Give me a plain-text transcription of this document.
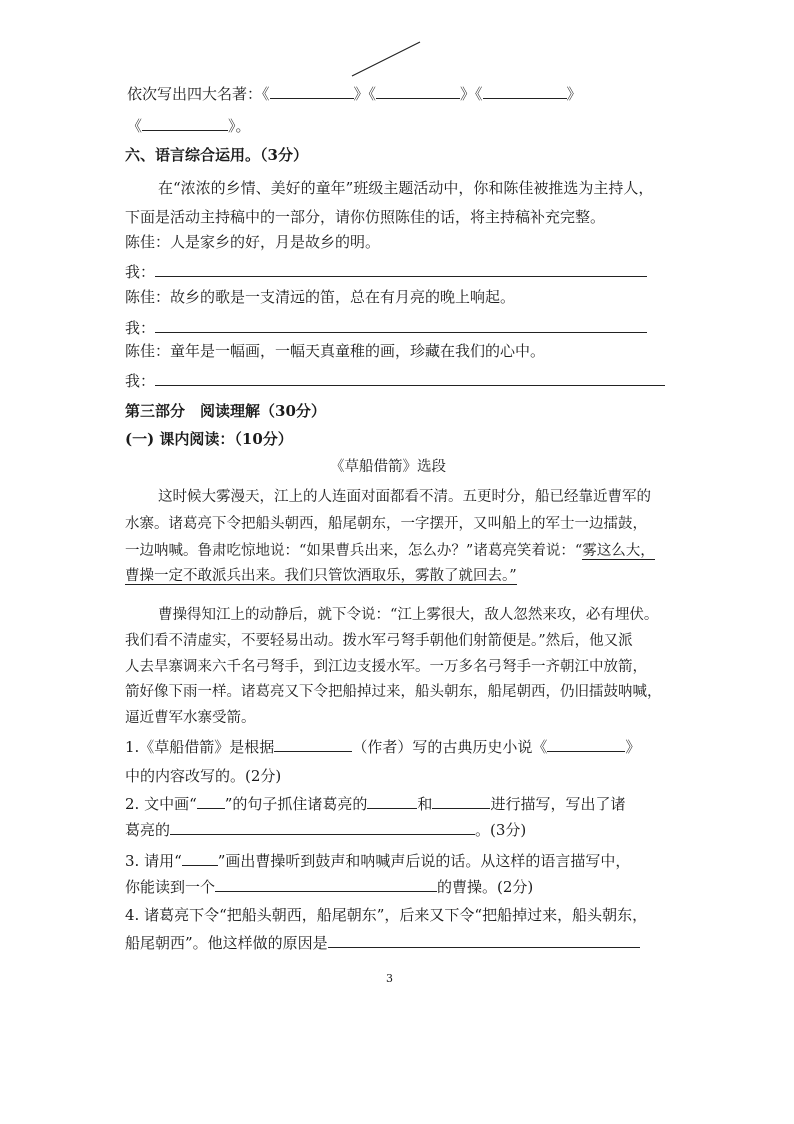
依次写出四大名著：《	》《	》《	》
《	》。
六、语言综合运用。（3分）
在“浓浓的乡情、美好的童年”班级主题活动中，你和陈佳被推选为主持人，
下面是活动主持稿中的一部分，请你仿照陈佳的话，将主持稿补充完整。
陈佳：人是家乡的好，月是故乡的明。
我：
陈佳：故乡的歌是一支清远的笛，总在有月亮的晚上响起。
我：
陈佳：童年是一幅画，一幅天真童稚的画，珍藏在我们的心中。
我：
第三部分　阅读理解（30分）
(一) 课内阅读：（10分）
《草船借箭》选段
这时候大雾漫天，江上的人连面对面都看不清。五更时分，船已经靠近曹军的
水寨。诸葛亮下令把船头朝西，船尾朝东，一字摆开，又叫船上的军士一边擂鼓，
一边呐喊。鲁肃吃惊地说：“如果曹兵出来，怎么办？”诸葛亮笑着说：“雾这么大，
曹操一定不敢派兵出来。我们只管饮酒取乐，雾散了就回去。”
曹操得知江上的动静后，就下令说：“江上雾很大，敌人忽然来攻，必有埋伏。
我们看不清虚实，不要轻易出动。拨水军弓弩手朝他们射箭便是。”然后，他又派
人去旱寨调来六千名弓弩手，到江边支援水军。一万多名弓弩手一齐朝江中放箭，
箭好像下雨一样。诸葛亮又下令把船掉过来，船头朝东，船尾朝西，仍旧擂鼓呐喊，
逼近曹军水寨受箭。
1.《草船借箭》是根据	（作者）写的古典历史小说《	》
中的内容改写的。(2分)
2. 文中画“ ”的句子抓住诸葛亮的	和	进行描写，写出了诸
葛亮的	。(3分)
3. 请用“ ”画出曹操听到鼓声和呐喊声后说的话。从这样的语言描写中，
你能读到一个	的曹操。(2分)
4. 诸葛亮下令“把船头朝西，船尾朝东”，后来又下令“把船掉过来，船头朝东，
船尾朝西”。他这样做的原因是
3
